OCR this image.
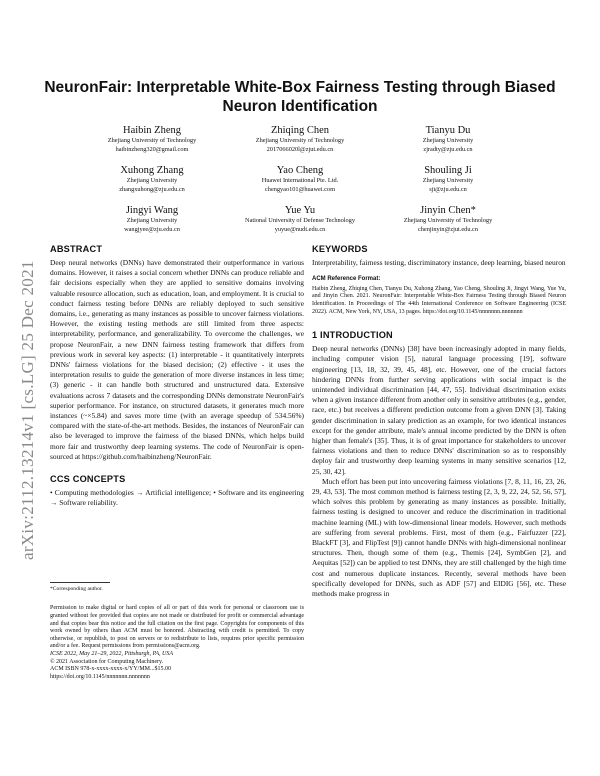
arXiv:2112.13214v1 [cs.LG] 25 Dec 2021
NeuronFair: Interpretable White-Box Fairness Testing through Biased Neuron Identification
Haibin Zheng
Zhejiang University of Technology
haibinzheng320@gmail.com
Zhiqing Chen
Zhejiang University of Technology
2017066020l@zjut.edu.cn
Tianyu Du
Zhejiang University
zjradty@zju.edu.cn
Xuhong Zhang
Zhejiang University
zhangxuhong@zju.edu.cn
Yao Cheng
Huawei International Pte. Ltd.
chengyao101@huawei.com
Shouling Ji
Zhejiang University
sji@zju.edu.cn
Jingyi Wang
Zhejiang University
wangjyee@zju.edu.cn
Yue Yu
National University of Defense Technology
yuyue@nudt.edu.cn
Jinyin Chen*
Zhejiang University of Technology
chenjinyin@zjut.edu.cn

ABSTRACT

Deep neural networks (DNNs) have demonstrated their outperformance in various domains. However, it raises a social concern whether DNNs can produce reliable and fair decisions especially when they are applied to sensitive domains involving valuable resource allocation, such as education, loan, and employment. It is crucial to conduct fairness testing before DNNs are reliably deployed to such sensitive domains, i.e., generating as many instances as possible to uncover fairness violations. However, the existing testing methods are still limited from three aspects: interpretability, performance, and generalizability. To overcome the challenges, we propose NeuronFair, a new DNN fairness testing framework that differs from previous work in several key aspects: (1) interpretable - it quantitatively interprets DNNs' fairness violations for the biased decision; (2) effective - it uses the interpretation results to guide the generation of more diverse instances in less time; (3) generic - it can handle both structured and unstructured data. Extensive evaluations across 7 datasets and the corresponding DNNs demonstrate NeuronFair's superior performance. For instance, on structured datasets, it generates much more instances (~×5.84) and saves more time (with an average speedup of 534.56%) compared with the state-of-the-art methods. Besides, the instances of NeuronFair can also be leveraged to improve the fairness of the biased DNNs, which helps build more fair and trustworthy deep learning systems. The code of NeuronFair is open-sourced at https://github.com/haibinzheng/NeuronFair.

CCS CONCEPTS

• Computing methodologies → Artificial intelligence; • Software and its engineering → Software reliability.

*Corresponding author.

Permission to make digital or hard copies of all or part of this work for personal or classroom use is granted without fee provided that copies are not made or distributed for profit or commercial advantage and that copies bear this notice and the full citation on the first page. Copyrights for components of this work owned by others than ACM must be honored. Abstracting with credit is permitted. To copy otherwise, or republish, to post on servers or to redistribute to lists, requires prior specific permission and/or a fee. Request permissions from permissions@acm.org.

ICSE 2022, May 21–29, 2022, Pittsburgh, PA, USA

© 2021 Association for Computing Machinery.

ACM ISBN 978-x-xxxx-xxxx-x/YY/MM...$15.00

https://doi.org/10.1145/nnnnnnn.nnnnnnn

KEYWORDS

Interpretability, fairness testing, discriminatory instance, deep learning, biased neuron

ACM Reference Format:

Haibin Zheng, Zhiqing Chen, Tianyu Du, Xuhong Zhang, Yao Cheng, Shouling Ji, Jingyi Wang, Yue Yu, and Jinyin Chen. 2021. NeuronFair: Interpretable White-Box Fairness Testing through Biased Neuron Identification. In Proceedings of The 44th International Conference on Software Engineering (ICSE 2022). ACM, New York, NY, USA, 13 pages. https://doi.org/10.1145/nnnnnnn.nnnnnnn

1 INTRODUCTION

Deep neural networks (DNNs) [38] have been increasingly adopted in many fields, including computer vision [5], natural language processing [19], software engineering [13, 18, 32, 39, 45, 48], etc. However, one of the crucial factors hindering DNNs from further serving applications with social impact is the unintended individual discrimination [44, 47, 55]. Individual discrimination exists when a given instance different from another only in sensitive attributes (e.g., gender, race, etc.) but receives a different prediction outcome from a given DNN [3]. Taking gender discrimination in salary prediction as an example, for two identical instances except for the gender attribute, male's annual income predicted by the DNN is often higher than female's [35]. Thus, it is of great importance for stakeholders to uncover fairness violations and then to reduce DNNs' discrimination so as to responsibly deploy fair and trustworthy deep learning systems in many sensitive scenarios [12, 25, 30, 42].

Much effort has been put into uncovering fairness violations [7, 8, 11, 16, 23, 26, 29, 43, 53]. The most common method is fairness testing [2, 3, 9, 22, 24, 52, 56, 57], which solves this problem by generating as many instances as possible. Initially, fairness testing is designed to uncover and reduce the discrimination in traditional machine learning (ML) with low-dimensional linear models. However, such methods are suffering from several problems. First, most of them (e.g., Fairfuzzer [22], BlackFT [3], and FlipTest [9]) cannot handle DNNs with high-dimensional nonlinear structures. Then, though some of them (e.g., Themis [24], SymbGen [2], and Aequitas [52]) can be applied to test DNNs, they are still challenged by the high time cost and numerous duplicate instances. Recently, several methods have been specifically developed for DNNs, such as ADF [57] and EIDIG [56], etc. These methods make progress in
